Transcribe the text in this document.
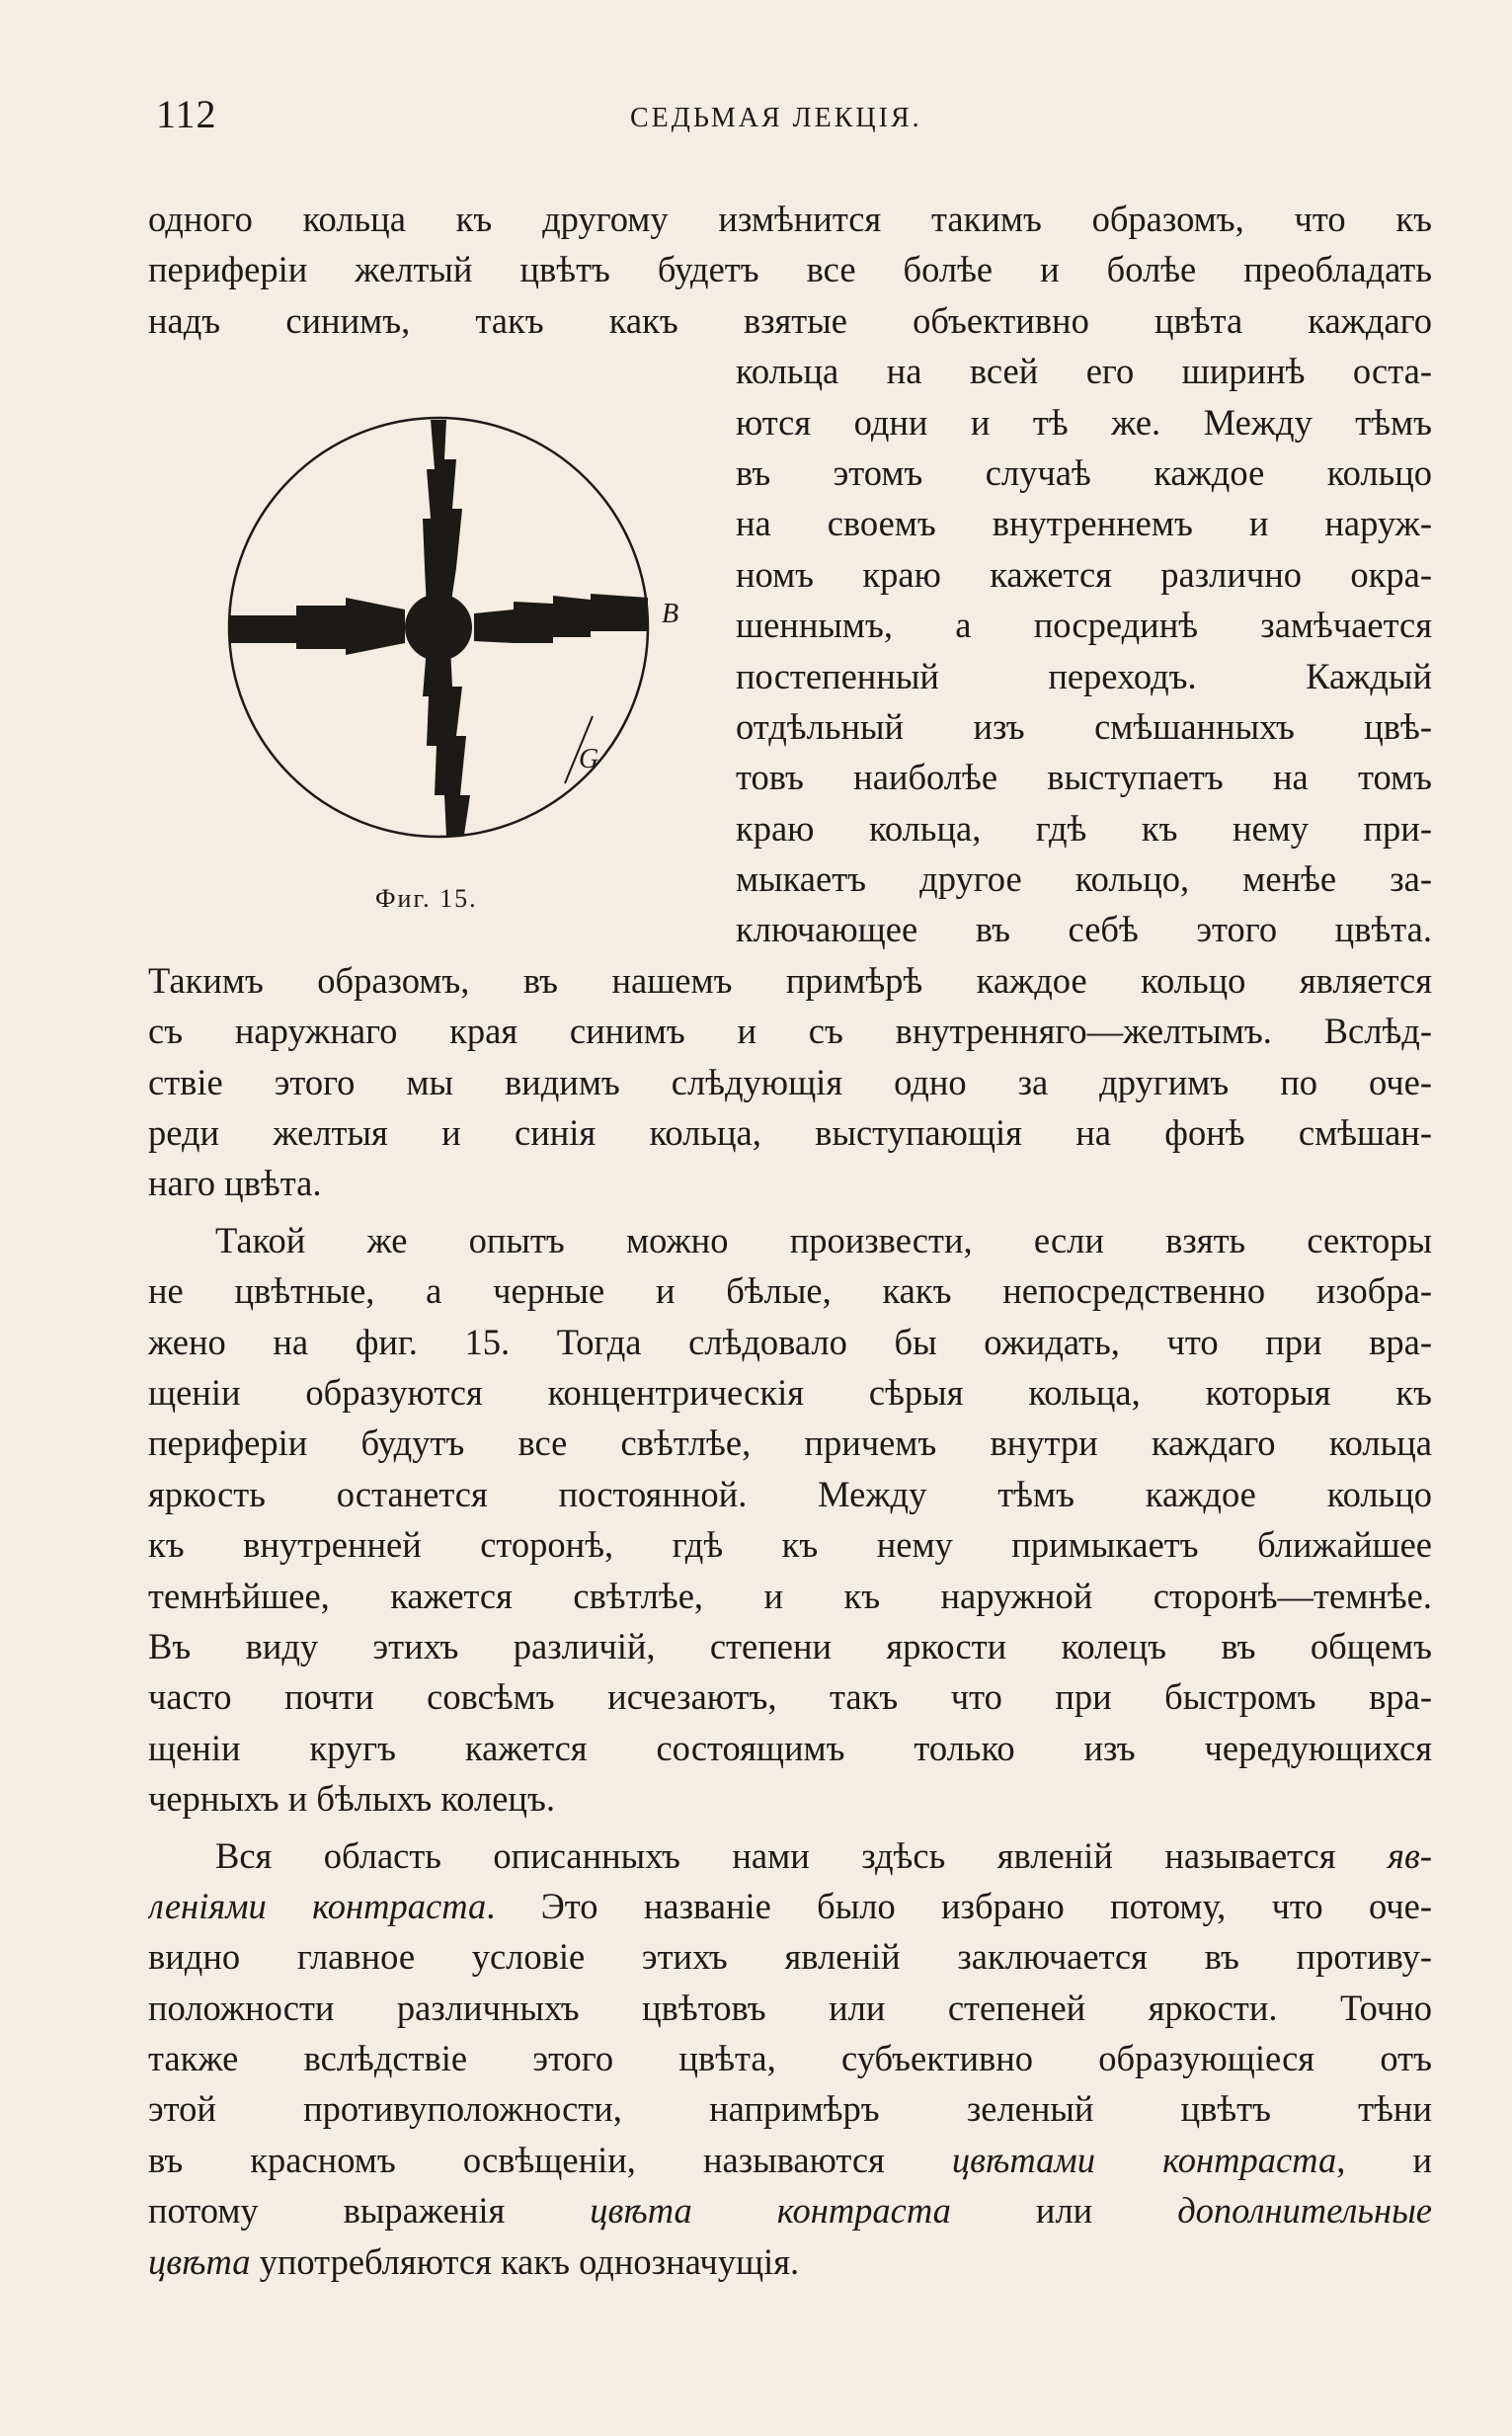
112	СЕДЬМАЯ ЛЕКЦІЯ.
B
G
Фиг. 15.
одного кольца къ другому измѣнится такимъ образомъ, что къ
периферіи желтый цвѣтъ будетъ все болѣе и болѣе преобладать
надъ синимъ, такъ какъ взятые объективно цвѣта каждаго
кольца на всей его ширинѣ оста-
ются одни и тѣ же. Между тѣмъ
въ этомъ случаѣ каждое кольцо
на своемъ внутреннемъ и наруж-
номъ краю кажется различно окра-
шеннымъ, а посрединѣ замѣчается
постепенный переходъ. Каждый
отдѣльный изъ смѣшанныхъ цвѣ-
товъ наиболѣе выступаетъ на томъ
краю кольца, гдѣ къ нему при-
мыкаетъ другое кольцо, менѣе за-
ключающее въ себѣ этого цвѣта.
Такимъ образомъ, въ нашемъ примѣрѣ каждое кольцо является
съ наружнаго края синимъ и съ внутренняго—желтымъ. Вслѣд-
ствіе этого мы видимъ слѣдующія одно за другимъ по оче-
реди желтыя и синія кольца, выступающія на фонѣ смѣшан-
наго цвѣта.
Такой же опытъ можно произвести, если взять секторы
не цвѣтные, а черные и бѣлые, какъ непосредственно изобра-
жено на фиг. 15. Тогда слѣдовало бы ожидать, что при вра-
щеніи образуются концентрическія сѣрыя кольца, которыя къ
периферіи будутъ все свѣтлѣе, причемъ внутри каждаго кольца
яркость останется постоянной. Между тѣмъ каждое кольцо
къ внутренней сторонѣ, гдѣ къ нему примыкаетъ ближайшее
темнѣйшее, кажется свѣтлѣе, и къ наружной сторонѣ—темнѣе.
Въ виду этихъ различій, степени яркости колецъ въ общемъ
часто почти совсѣмъ исчезаютъ, такъ что при быстромъ вра-
щеніи кругъ кажется состоящимъ только изъ чередующихся
черныхъ и бѣлыхъ колецъ.
Вся область описанныхъ нами здѣсь явленій называется яв-
леніями контраста. Это названіе было избрано потому, что оче-
видно главное условіе этихъ явленій заключается въ противу-
положности различныхъ цвѣтовъ или степеней яркости. Точно
также вслѣдствіе этого цвѣта, субъективно образующіеся отъ
этой противуположности, напримѣръ зеленый цвѣтъ тѣни
въ красномъ освѣщеніи, называются цвѣтами контраста, и
потому выраженія цвѣта контраста или дополнительные
цвѣта употребляются какъ однозначущія.
